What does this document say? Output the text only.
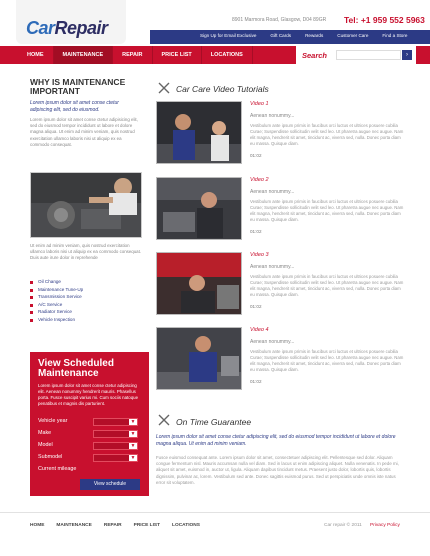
CarRepair	8901 Marmora Road, Glasgow, D04 89GR Tel: +1 959 552 5963
Sign Up for Email Exclusive	Gift Cards	Rewards	Customer Care	Find a Store
HOME	MAINTENANCE	REPAIR	PRICE LIST	LOCATIONS	Search	›
WHY IS MAINTENANCE IMPORTANT
Lorem ipsum dolor sit amet conse ctetur adipiscing elit, sed do eiusmod.
Lorem ipsum dolor sit amet conse ctetur adipisicing elit, sed do eiusmod tempor incididunt ut labore et dolore magna aliqua. Ut enim ad minim veniam, quis nostrud exercitation ullamco laboris nisi ut aliquip ex ea commodo consequat.
Ut enim ad minim veniam, quis nostrud exercitation ullamco laboris nisi ut aliquip ex ea commodo consequat. Duis aute irure dolor in reprehende
Oil Change
Maintenance Tune-Up
Transmission Service
A/C Service
Radiator Service
Vehicle Inspection
View Scheduled Maintenance
Lorem ipsum dolor sit amet conse ctetur adipiscing elit. Aenean nonummy hendrerit mauris. Phasellus porta. Fusce suscipit varius mi. Cum sociis natoque penatibus et magnis dis parturient.
Vehicle year	▼
Make	▼
Model	▼
Submodel	▼
Current mileage
View schedule
Car Care Video Tutorials
Video 1
Aenean nonummy...
Vestibulum ante ipsum primis in faucibus orci luctus et ultrices posuere cubilia Curae; Suspendisse sollicitudin velit sed leo. Ut pharetra augue nec augue. Nam elit magna, hendrerit sit amet, tincidunt ac, viverra sed, nulla. Donec porta diam eu massa. Quisque diam.
01:02
Video 2
Aenean nonummy...
Vestibulum ante ipsum primis in faucibus orci luctus et ultrices posuere cubilia Curae; Suspendisse sollicitudin velit sed leo. Ut pharetra augue nec augue. Nam elit magna, hendrerit sit amet, tincidunt ac, viverra sed, nulla. Donec porta diam eu massa. Quisque diam.
01:02
Video 3
Aenean nonummy...
Vestibulum ante ipsum primis in faucibus orci luctus et ultrices posuere cubilia Curae; Suspendisse sollicitudin velit sed leo. Ut pharetra augue nec augue. Nam elit magna, hendrerit sit amet, tincidunt ac, viverra sed, nulla. Donec porta diam eu massa. Quisque diam.
01:02
Video 4
Aenean nonummy...
Vestibulum ante ipsum primis in faucibus orci luctus et ultrices posuere cubilia Curae; Suspendisse sollicitudin velit sed leo. Ut pharetra augue nec augue. Nam elit magna, hendrerit sit amet, tincidunt ac, viverra sed, nulla. Donec porta diam eu massa. Quisque diam.
01:02
On Time Guarantee
Lorem ipsum dolor sit amet conse ctetur adipiscing elit, sed do eiusmod tempor incididunt ut labore et dolore magna aliqua. Ut enim ad minim veniam.
Fusce euismod consequat ante. Lorem ipsum dolor sit amet, consectetuer adipiscing elit. Pellentesque sed dolor. Aliquam congue fermentum nisl. Mauris accumsan nulla vel diam. Sed in lacus ut enim adipiscing aliquet. Nulla venenatis. In pede mi, aliquet sit amet, euismod in, auctor ut, ligula. Aliquam dapibus tincidunt metus. Praesent justo dolor, lobortis quis, lobortis dignissim, pulvinar ac, lorem. Vestibulum sed ante. Donec sagittis euismod purus. Sed ut perspiciatis unde omnis iste natus error sit voluptatem.
HOME	MAINTENANCE	REPAIR	PRICE LIST	LOCATIONS	Car repair © 2011 Privacy Policy
